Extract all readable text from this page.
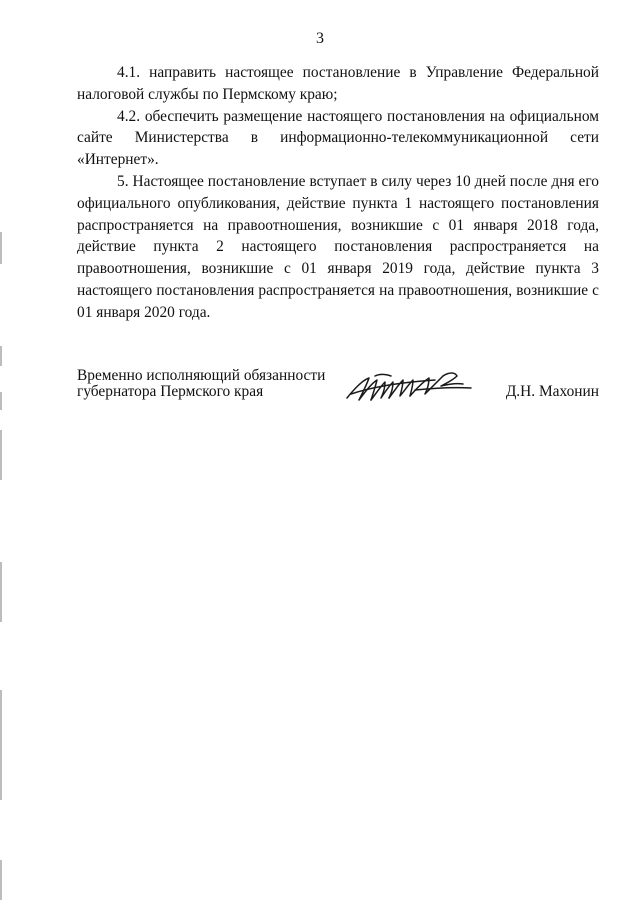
3

4.1. направить настоящее постановление в Управление Федеральной налоговой службы по Пермскому краю;

4.2. обеспечить размещение настоящего постановления на официальном сайте Министерства в информационно-телекоммуникационной сети «Интернет».

5. Настоящее постановление вступает в силу через 10 дней после дня его официального опубликования, действие пункта 1 настоящего постановления распространяется на правоотношения, возникшие с 01 января 2018 года, действие пункта 2 настоящего постановления распространяется на правоотношения, возникшие с 01 января 2019 года, действие пункта 3 настоящего постановления распространяется на правоотношения, возникшие с 01 января 2020 года.

Временно исполняющий обязанности
губернатора Пермского края	Д.Н. Махонин
